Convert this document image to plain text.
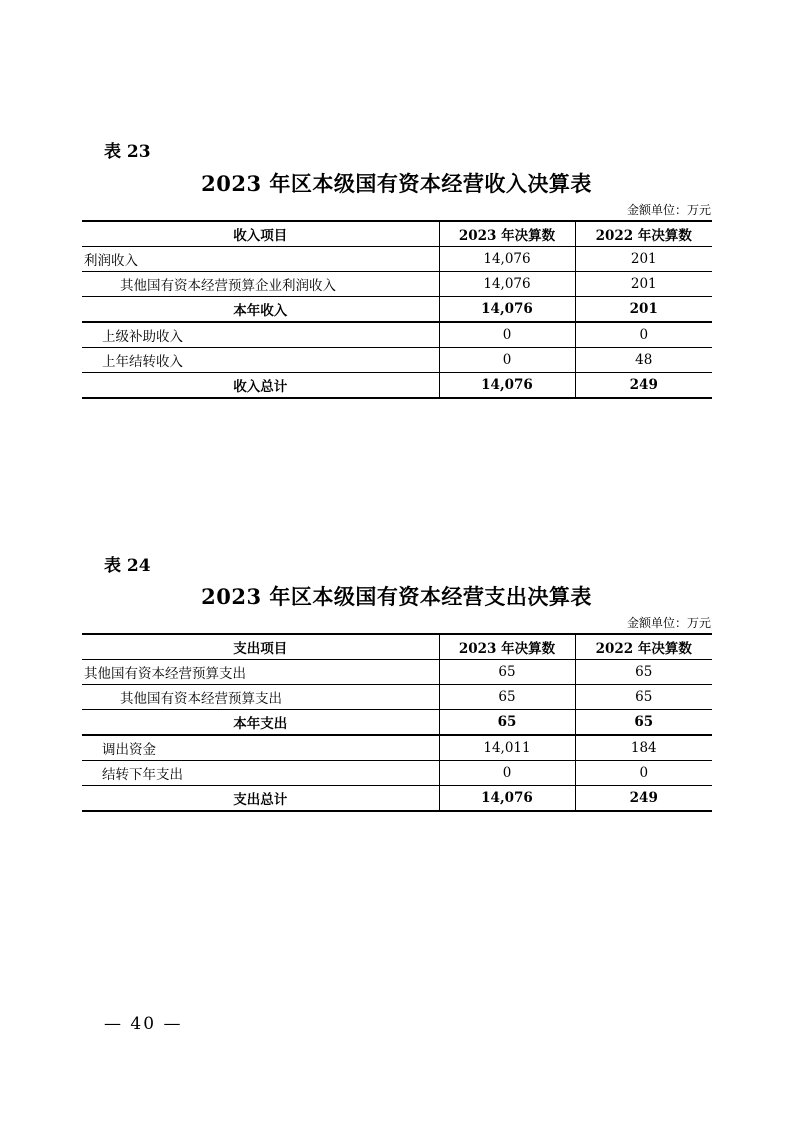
表 23
2023 年区本级国有资本经营收入决算表
金额单位：万元
收入项目	2023 年决算数	2022 年决算数
利润收入	14,076	201
其他国有资本经营预算企业利润收入	14,076	201
本年收入	14,076	201
上级补助收入	0	0
上年结转收入	0	48
收入总计	14,076	249
表 24
2023 年区本级国有资本经营支出决算表
金额单位：万元
支出项目	2023 年决算数	2022 年决算数
其他国有资本经营预算支出	65	65
其他国有资本经营预算支出	65	65
本年支出	65	65
调出资金	14,011	184
结转下年支出	0	0
支出总计	14,076	249
— 40 —
